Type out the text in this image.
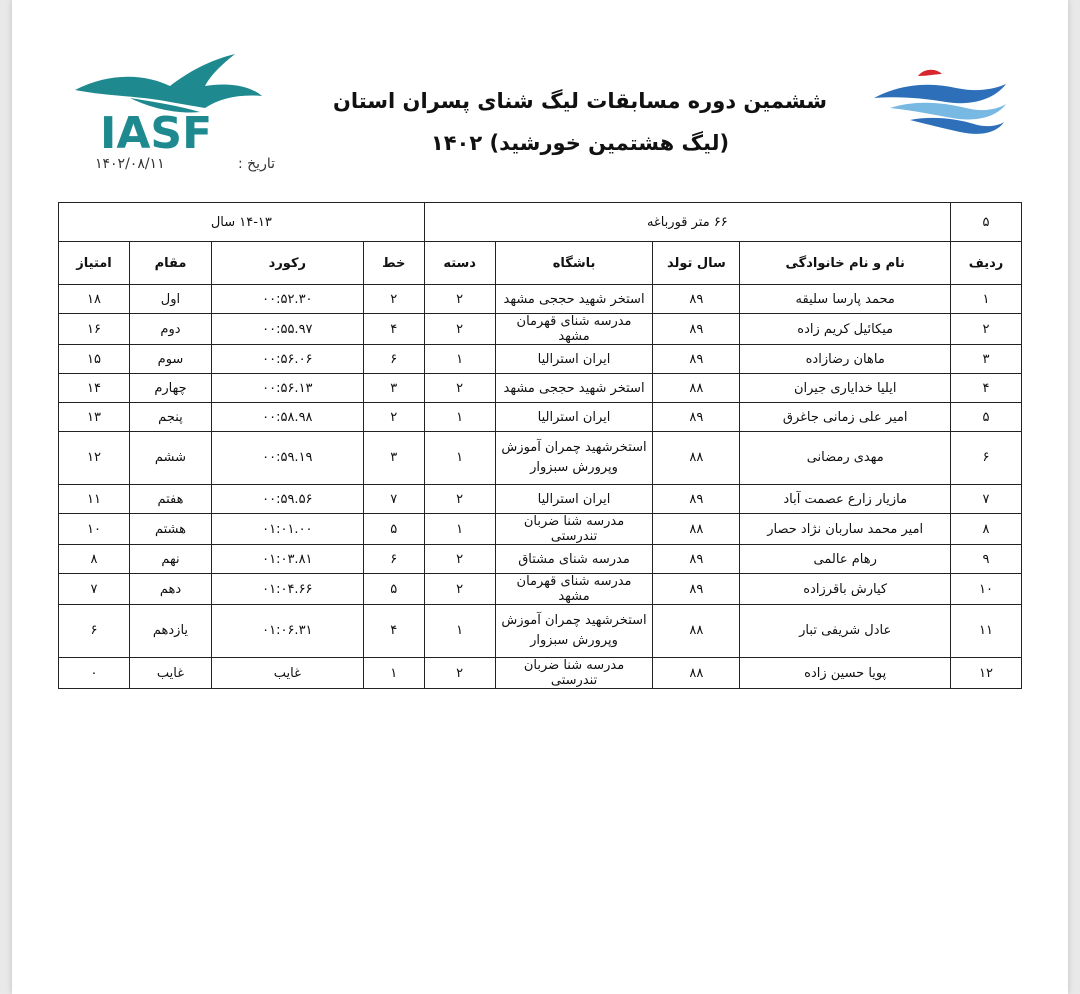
IASF
ششمین دوره مسابقات لیگ شنای پسران استان (لیگ هشتمین خورشید) ۱۴۰۲
تاریخ :
۱۴۰۲/۰۸/۱۱
۵	۶۶ متر قورباغه				۱۴-۱۳ سال			
ردیف	نام و نام خانوادگی	سال تولد	باشگاه	دسته	خط	رکورد	مقام	امتیاز
۱	محمد پارسا سلیقه	۸۹	استخر شهید حججی مشهد	۲	۲	۰۰:۵۲.۳۰	اول	۱۸
۲	میکائیل کریم زاده	۸۹	مدرسه شنای قهرمان مشهد	۲	۴	۰۰:۵۵.۹۷	دوم	۱۶
۳	ماهان رضازاده	۸۹	ایران استرالیا	۱	۶	۰۰:۵۶.۰۶	سوم	۱۵
۴	ایلیا خدایاری جیران	۸۸	استخر شهید حججی مشهد	۲	۳	۰۰:۵۶.۱۳	چهارم	۱۴
۵	امیر علی زمانی جاغرق	۸۹	ایران استرالیا	۱	۲	۰۰:۵۸.۹۸	پنجم	۱۳
۶	مهدی رمضانی	۸۸	استخرشهید چمران آموزش وپرورش سبزوار	۱	۳	۰۰:۵۹.۱۹	ششم	۱۲
۷	مازیار زارع عصمت آباد	۸۹	ایران استرالیا	۲	۷	۰۰:۵۹.۵۶	هفتم	۱۱
۸	امیر محمد ساربان نژاد حصار	۸۸	مدرسه شنا ضربان تندرستی	۱	۵	۰۱:۰۱.۰۰	هشتم	۱۰
۹	رهام عالمی	۸۹	مدرسه شنای مشتاق	۲	۶	۰۱:۰۳.۸۱	نهم	۸
۱۰	کیارش باقرزاده	۸۹	مدرسه شنای قهرمان مشهد	۲	۵	۰۱:۰۴.۶۶	دهم	۷
۱۱	عادل شریفی تبار	۸۸	استخرشهید چمران آموزش وپرورش سبزوار	۱	۴	۰۱:۰۶.۳۱	یازدهم	۶
۱۲	پویا حسین زاده	۸۸	مدرسه شنا ضربان تندرستی	۲	۱	غایب	غایب	۰
